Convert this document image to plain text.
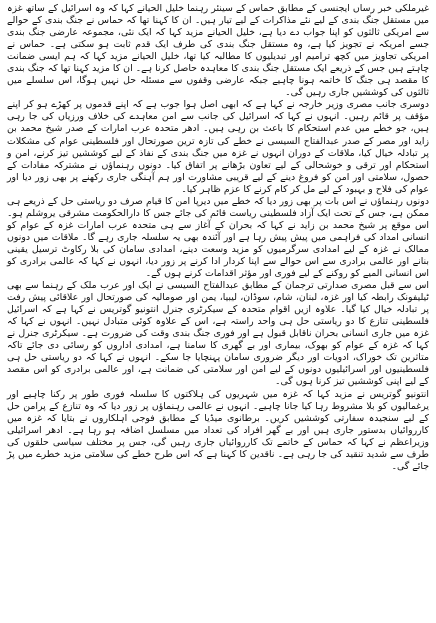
غیرملکی خبر رساں ایجنسی کے مطابق حماس کے سینئر رہنما خلیل الحیانے کہا کہ وہ اسرائیل کے ساتھ غزہ میں مستقل جنگ بندی کے لیے نئے مذاکرات کے لیے تیار ہیں۔ ان کا کہنا تھا کہ حماس نے جنگ بندی کے حوالے سے امریکی ثالثوں کو اپنا جواب دے دیا ہے، خلیل الحیانے مزید کہا کہ ایک نئی، مجموعہ عارضی جنگ بندی جسے امریکہ نے تجویز کیا ہے، وہ مستقل جنگ بندی کی طرف ایک قدم ثابت ہو سکتی ہے۔ حماس نے امریکی تجاویز میں کچھ ترامیم اور تبدیلیوں کا مطالبہ کیا تھا، خلیل الحیانے مزید کہا کہ ہم ایسی ضمانت چاہتے ہیں جس کے ذریعے ایک مستقل جنگ بندی کا معاہدہ حاصل کرنا ہے۔ ان کا مزید کہنا تھا کہ جنگ بندی کا مقصد ہی جنگ کا خاتمہ ہونا چاہیے جبکہ عارضی وقفوں سے مسئلہ حل نہیں ہوگا، اس سلسلے میں ثالثوں کی کوششیں جاری رہیں گی۔

دوسری جانب مصری وزیر خارجہ نے کہا ہے کہ ابھی اصل ہوا جوب ہے کہ اپنے قدموں پر کھڑے ہو کر اپنے مؤقف پر قائم رہیں۔ انہوں نے کہا کہ اسرائیل کی جانب سے امن معاہدے کی خلاف ورزیاں کی جا رہی ہیں، جو خطے میں عدم استحکام کا باعث بن رہی ہیں۔ ادھر متحدہ عرب امارات کے صدر شیخ محمد بن زاید اور مصر کے صدر عبدالفتاح السیسی نے خطے کی تازہ ترین صورتحال اور فلسطینی عوام کی مشکلات پر تبادلہ خیال کیا، ملاقات کے دوران انہوں نے غزہ میں جنگ بندی کے نفاذ کے لیے کوششیں تیز کرنے، امن و استحکام اور ترقی و خوشحالی کے لیے تعاون بڑھانے پر اتفاق کیا۔ دونوں رہنماؤں نے مشترکہ مفادات کے حصول، سلامتی اور امن کو فروغ دینے کے لیے قریبی مشاورت اور ہم آہنگی جاری رکھنے پر بھی زور دیا اور عوام کی فلاح و بہبود کے لیے مل کر کام کرنے کا عزم ظاہر کیا۔

دونوں رہنماؤں نے اس بات پر بھی زور دیا کہ خطے میں دیرپا امن کا قیام صرف دو ریاستی حل کے ذریعے ہی ممکن ہے، جس کے تحت ایک آزاد فلسطینی ریاست قائم کی جائے جس کا دارالحکومت مشرقی یروشلم ہو۔ اس موقع پر شیخ محمد بن زاید نے کہا کہ بحران کے آغاز سے ہی متحدہ عرب امارات غزہ کے عوام کو انسانی امداد کی فراہمی میں پیش پیش رہا ہے اور آئندہ بھی یہ سلسلہ جاری رہے گا۔ ملاقات میں دونوں ممالک نے غزہ کے لیے امدادی سرگرمیوں کو مزید وسعت دینے، امدادی سامان کی بلا رکاوٹ ترسیل یقینی بنانے اور عالمی برادری سے اس حوالے سے اپنا کردار ادا کرنے پر زور دیا، انہوں نے کہا کہ عالمی برادری کو اس انسانی المیے کو روکنے کے لیے فوری اور مؤثر اقدامات کرنے ہوں گے۔

اس سے قبل مصری صدارتی ترجمان کے مطابق عبدالفتاح السیسی نے ایک اور عرب ملک کے رہنما سے بھی ٹیلیفونک رابطہ کیا اور غزہ، لبنان، شام، سوڈان، لیبیا، یمن اور صومالیہ کی صورتحال اور علاقائی پیش رفت پر تبادلہ خیال کیا گیا۔ علاوہ ازیں اقوام متحدہ کے سیکرٹری جنرل انتونیو گوتریس نے کہا ہے کہ اسرائیل فلسطینی تنازع کا دو ریاستی حل ہی واحد راستہ ہے، اس کے علاوہ کوئی متبادل نہیں۔ انہوں نے کہا کہ غزہ میں جاری انسانی بحران ناقابل قبول ہے اور فوری جنگ بندی وقت کی ضرورت ہے۔ سیکرٹری جنرل نے کہا کہ غزہ کے عوام کو بھوک، بیماری اور بے گھری کا سامنا ہے، امدادی اداروں کو رسائی دی جائے تاکہ متاثرین تک خوراک، ادویات اور دیگر ضروری سامان پہنچایا جا سکے۔ انہوں نے کہا کہ دو ریاستی حل ہی فلسطینیوں اور اسرائیلیوں دونوں کے لیے امن اور سلامتی کی ضمانت ہے، اور عالمی برادری کو اس مقصد کے لیے اپنی کوششیں تیز کرنا ہوں گی۔

انتونیو گوتریس نے مزید کہا کہ غزہ میں شہریوں کی ہلاکتوں کا سلسلہ فوری طور پر رکنا چاہیے اور یرغمالیوں کو بلا مشروط رہا کیا جانا چاہیے۔ انہوں نے عالمی رہنماؤں پر زور دیا کہ وہ تنازع کے پرامن حل کے لیے سنجیدہ سفارتی کوششیں کریں۔ برطانوی میڈیا کے مطابق فوجی اہلکاروں نے بتایا کہ غزہ میں کارروائیاں بدستور جاری ہیں اور بے گھر افراد کی تعداد میں مسلسل اضافہ ہو رہا ہے۔ ادھر اسرائیلی وزیراعظم نے کہا کہ حماس کے خاتمے تک کارروائیاں جاری رہیں گی، جس پر مختلف سیاسی حلقوں کی طرف سے شدید تنقید کی جا رہی ہے۔ ناقدین کا کہنا ہے کہ اس طرح خطے کی سلامتی مزید خطرے میں پڑ جائے گی۔
